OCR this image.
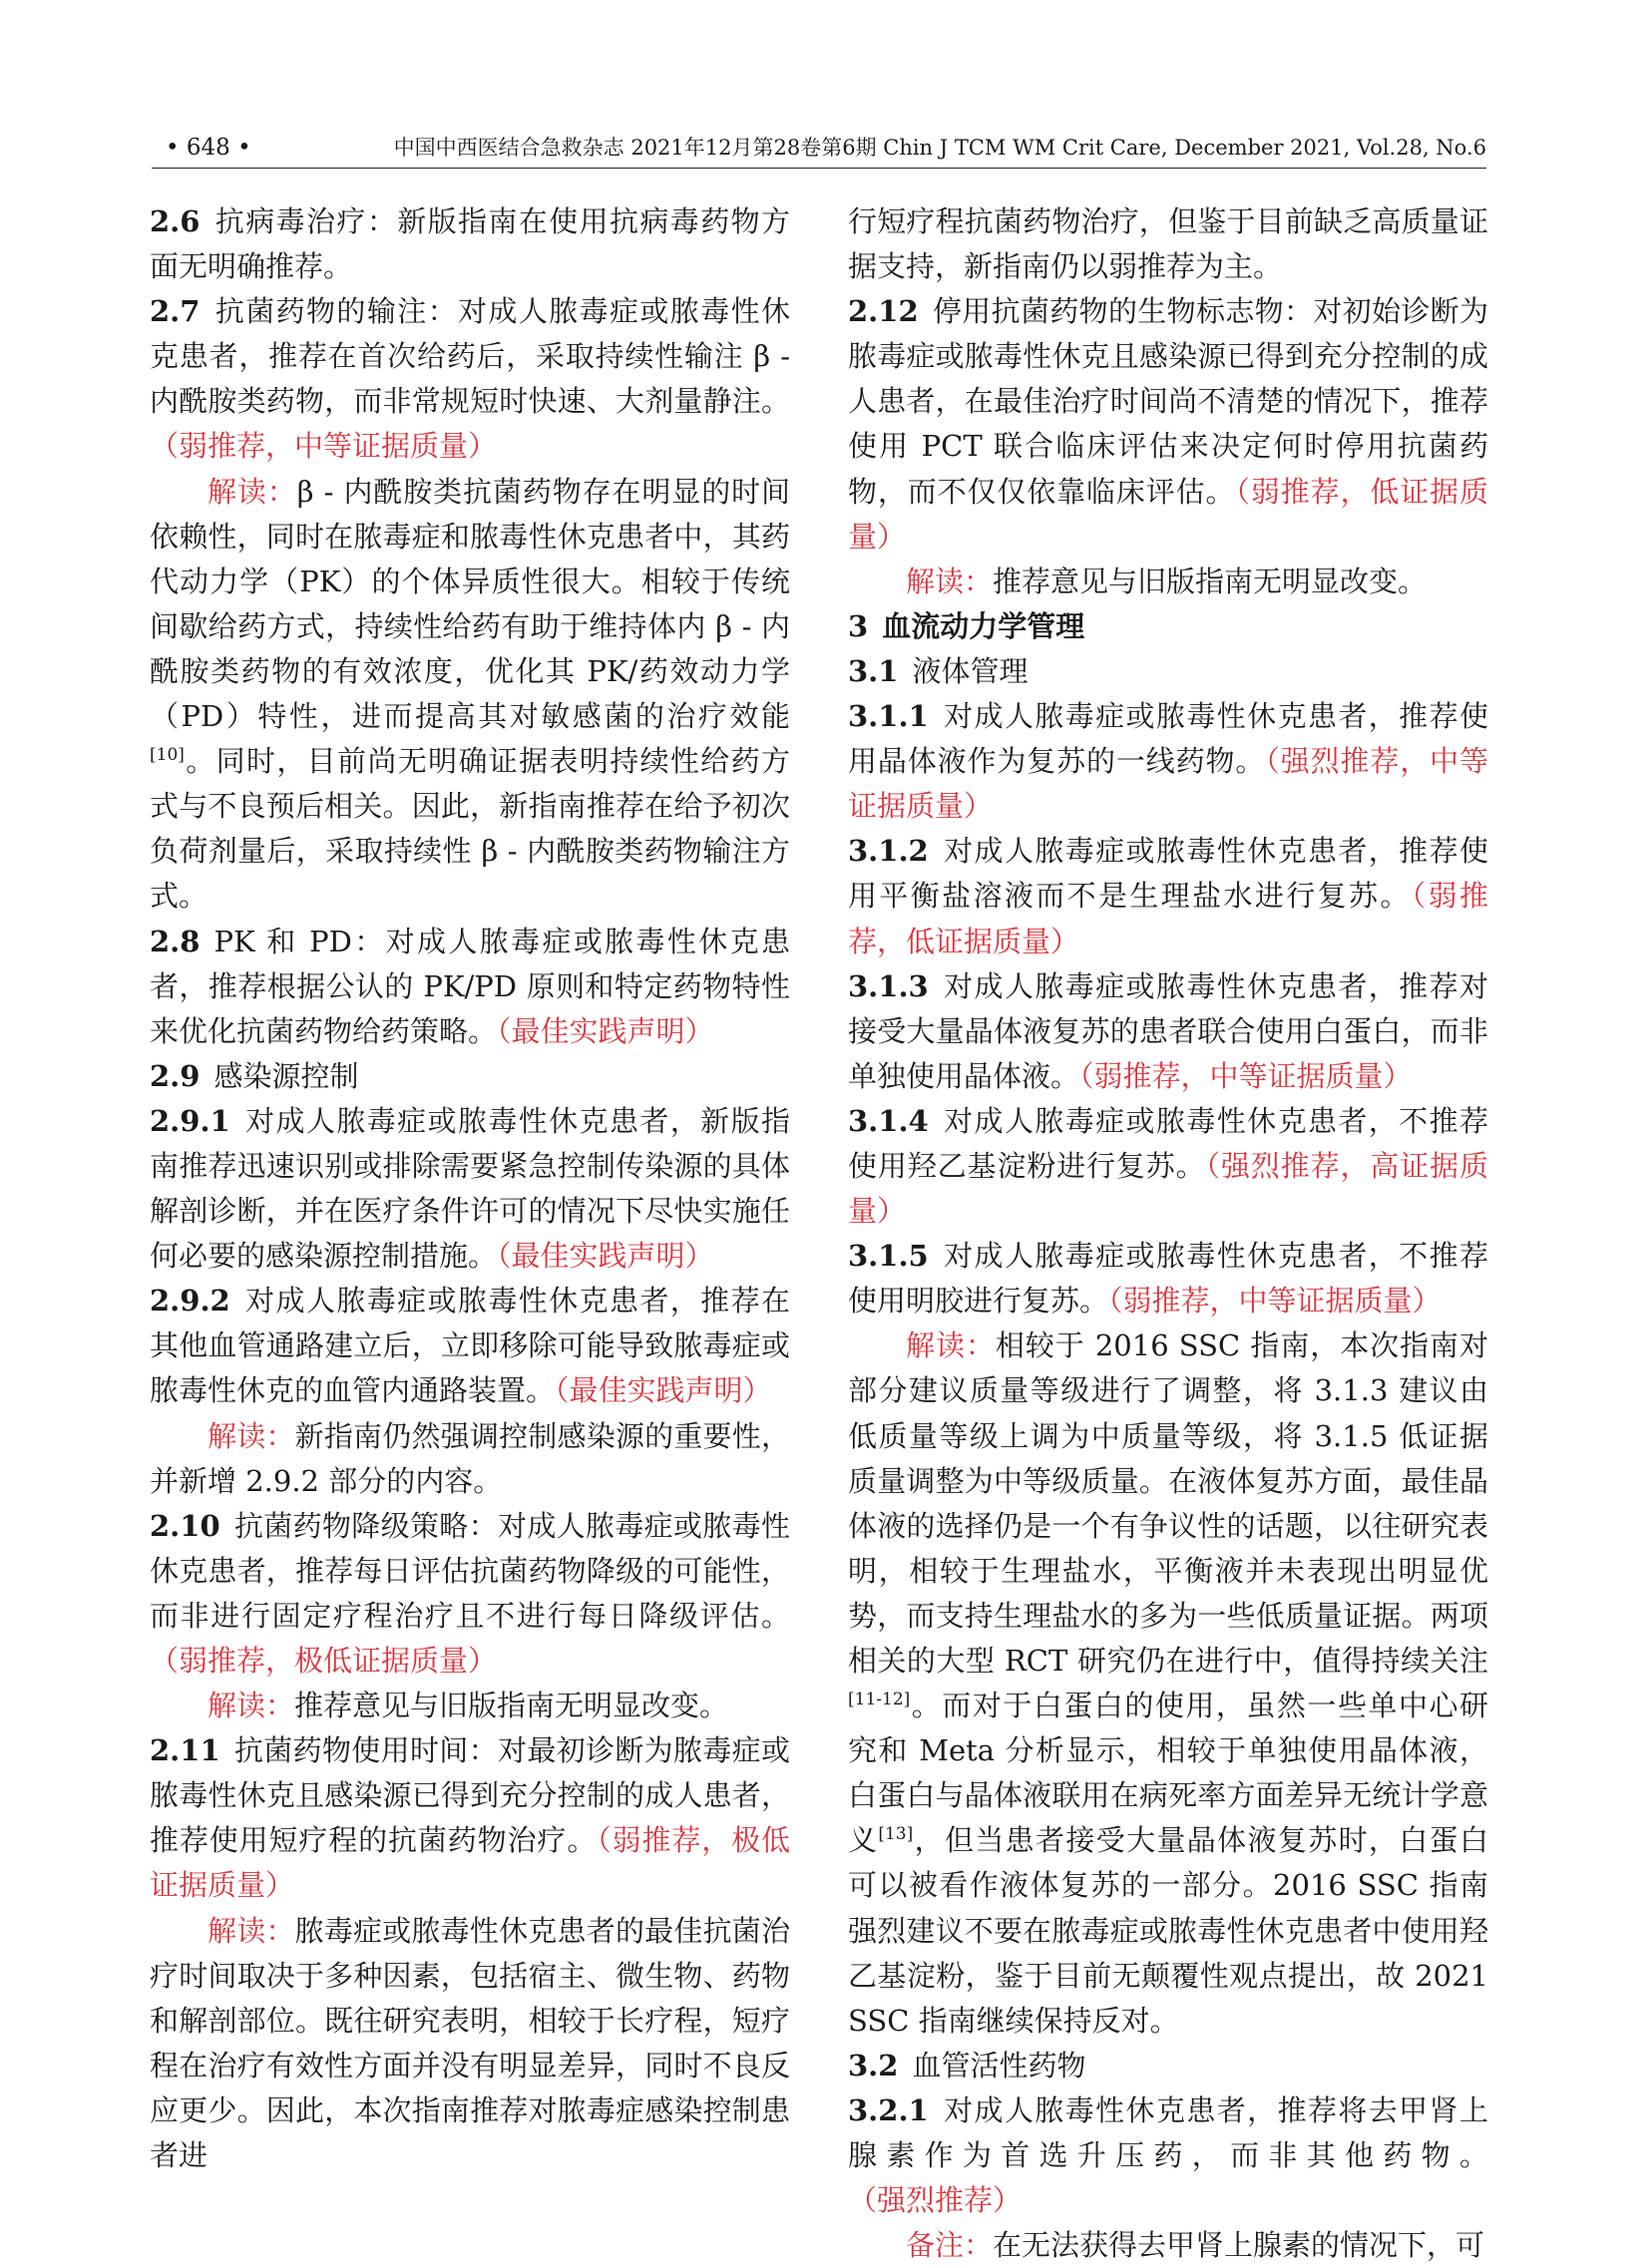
• 648 •	中国中西医结合急救杂志 2021年12月第28卷第6期 Chin J TCM WM Crit Care, December 2021, Vol.28, No.6

2.6 抗病毒治疗：新版指南在使用抗病毒药物方面无明确推荐。

2.7 抗菌药物的输注：对成人脓毒症或脓毒性休克患者，推荐在首次给药后，采取持续性输注 β - 内酰胺类药物，而非常规短时快速、大剂量静注。（弱推荐，中等证据质量）

解读：β - 内酰胺类抗菌药物存在明显的时间依赖性，同时在脓毒症和脓毒性休克患者中，其药代动力学（PK）的个体异质性很大。相较于传统间歇给药方式，持续性给药有助于维持体内 β - 内酰胺类药物的有效浓度，优化其 PK/药效动力学（PD）特性，进而提高其对敏感菌的治疗效能[10]。同时，目前尚无明确证据表明持续性给药方式与不良预后相关。因此，新指南推荐在给予初次负荷剂量后，采取持续性 β - 内酰胺类药物输注方式。

2.8 PK 和 PD：对成人脓毒症或脓毒性休克患者，推荐根据公认的 PK/PD 原则和特定药物特性来优化抗菌药物给药策略。（最佳实践声明）

2.9 感染源控制

2.9.1 对成人脓毒症或脓毒性休克患者，新版指南推荐迅速识别或排除需要紧急控制传染源的具体解剖诊断，并在医疗条件许可的情况下尽快实施任何必要的感染源控制措施。（最佳实践声明）

2.9.2 对成人脓毒症或脓毒性休克患者，推荐在其他血管通路建立后，立即移除可能导致脓毒症或脓毒性休克的血管内通路装置。（最佳实践声明）

解读：新指南仍然强调控制感染源的重要性，并新增 2.9.2 部分的内容。

2.10 抗菌药物降级策略：对成人脓毒症或脓毒性休克患者，推荐每日评估抗菌药物降级的可能性，而非进行固定疗程治疗且不进行每日降级评估。（弱推荐，极低证据质量）

解读：推荐意见与旧版指南无明显改变。

2.11 抗菌药物使用时间：对最初诊断为脓毒症或脓毒性休克且感染源已得到充分控制的成人患者，推荐使用短疗程的抗菌药物治疗。（弱推荐，极低证据质量）

解读：脓毒症或脓毒性休克患者的最佳抗菌治疗时间取决于多种因素，包括宿主、微生物、药物和解剖部位。既往研究表明，相较于长疗程，短疗程在治疗有效性方面并没有明显差异，同时不良反应更少。因此，本次指南推荐对脓毒症感染控制患者进

行短疗程抗菌药物治疗，但鉴于目前缺乏高质量证据支持，新指南仍以弱推荐为主。

2.12 停用抗菌药物的生物标志物：对初始诊断为脓毒症或脓毒性休克且感染源已得到充分控制的成人患者，在最佳治疗时间尚不清楚的情况下，推荐使用 PCT 联合临床评估来决定何时停用抗菌药物，而不仅仅依靠临床评估。（弱推荐，低证据质量）

解读：推荐意见与旧版指南无明显改变。

3 血流动力学管理

3.1 液体管理

3.1.1 对成人脓毒症或脓毒性休克患者，推荐使用晶体液作为复苏的一线药物。（强烈推荐，中等证据质量）

3.1.2 对成人脓毒症或脓毒性休克患者，推荐使用平衡盐溶液而不是生理盐水进行复苏。（弱推荐，低证据质量）

3.1.3 对成人脓毒症或脓毒性休克患者，推荐对接受大量晶体液复苏的患者联合使用白蛋白，而非单独使用晶体液。（弱推荐，中等证据质量）

3.1.4 对成人脓毒症或脓毒性休克患者，不推荐使用羟乙基淀粉进行复苏。（强烈推荐，高证据质量）

3.1.5 对成人脓毒症或脓毒性休克患者，不推荐使用明胶进行复苏。（弱推荐，中等证据质量）

解读：相较于 2016 SSC 指南，本次指南对部分建议质量等级进行了调整，将 3.1.3 建议由低质量等级上调为中质量等级，将 3.1.5 低证据质量调整为中等级质量。在液体复苏方面，最佳晶体液的选择仍是一个有争议性的话题，以往研究表明，相较于生理盐水，平衡液并未表现出明显优势，而支持生理盐水的多为一些低质量证据。两项相关的大型 RCT 研究仍在进行中，值得持续关注[11-12]。而对于白蛋白的使用，虽然一些单中心研究和 Meta 分析显示，相较于单独使用晶体液，白蛋白与晶体液联用在病死率方面差异无统计学意义[13]，但当患者接受大量晶体液复苏时，白蛋白可以被看作液体复苏的一部分。2016 SSC 指南强烈建议不要在脓毒症或脓毒性休克患者中使用羟乙基淀粉，鉴于目前无颠覆性观点提出，故 2021 SSC 指南继续保持反对。

3.2 血管活性药物

3.2.1 对成人脓毒性休克患者，推荐将去甲肾上腺素作为首选升压药，而非其他药物。（强烈推荐）

备注：在无法获得去甲肾上腺素的情况下，可
